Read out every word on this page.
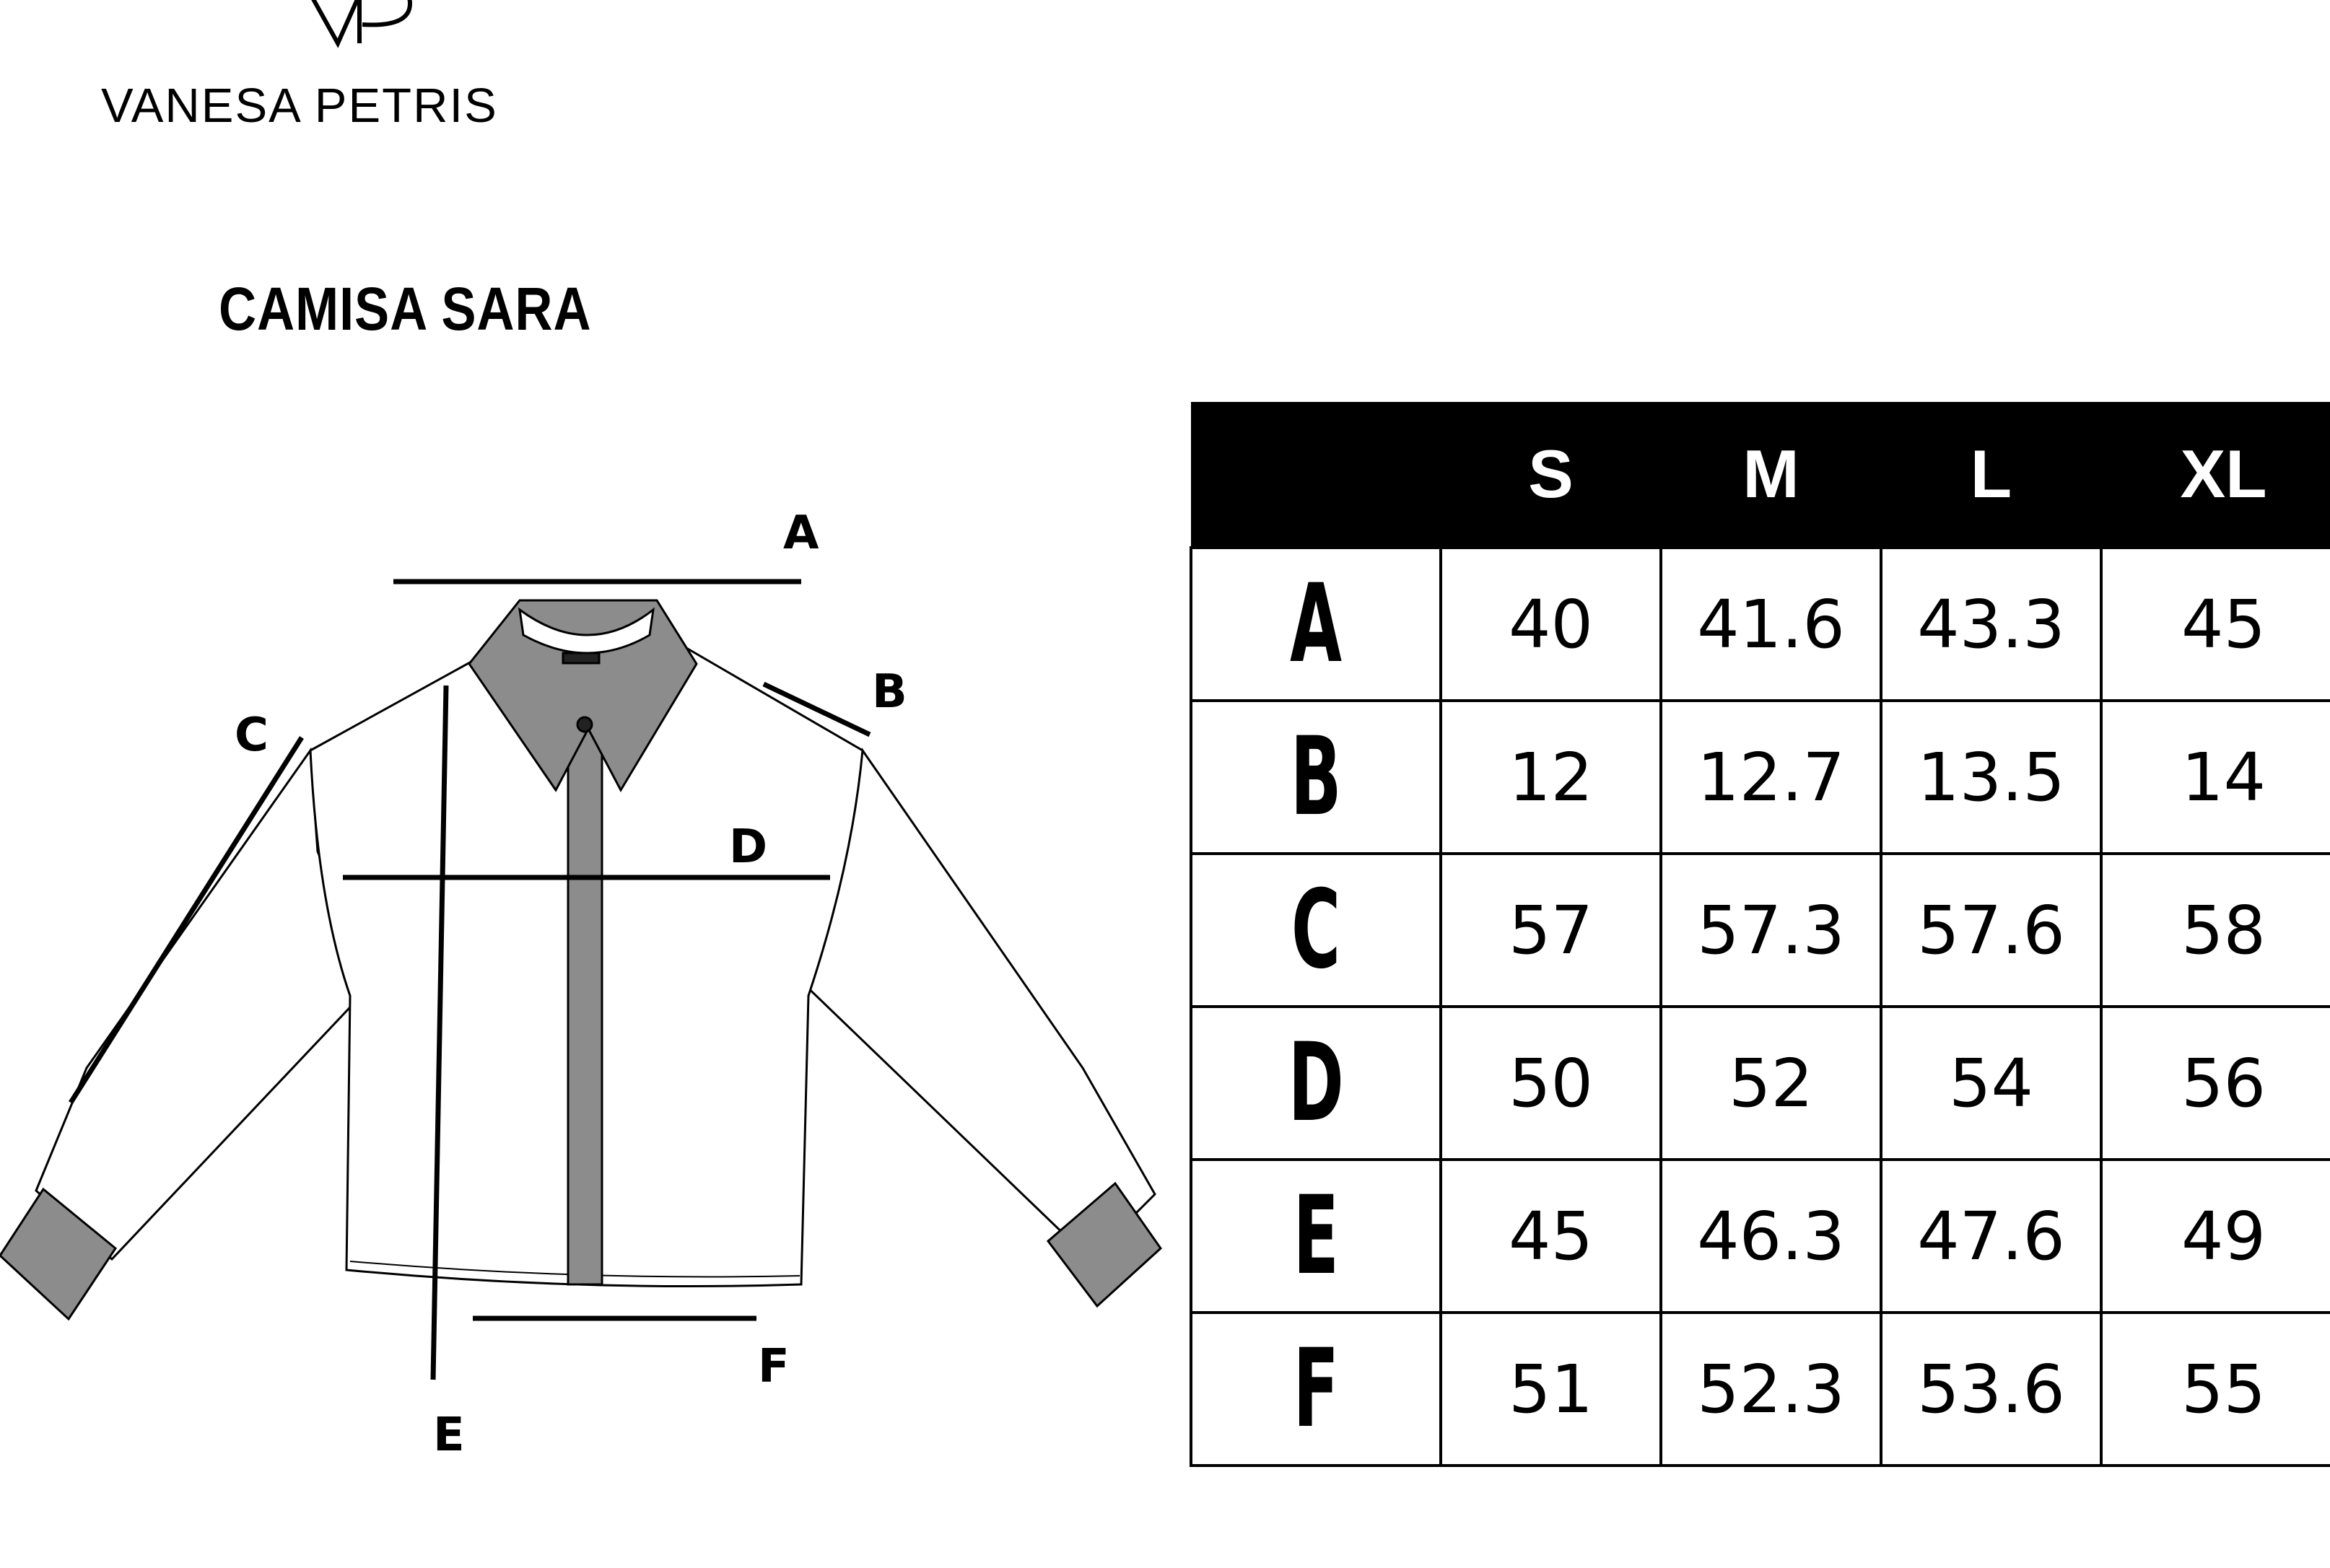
VANESA PETRIS
CAMISA SARA
A
B
C
D
E
F
	S	M	L	XL
A	40	41.6	43.3	45
B	12	12.7	13.5	14
C	57	57.3	57.6	58
D	50	52	54	56
E	45	46.3	47.6	49
F	51	52.3	53.6	55
